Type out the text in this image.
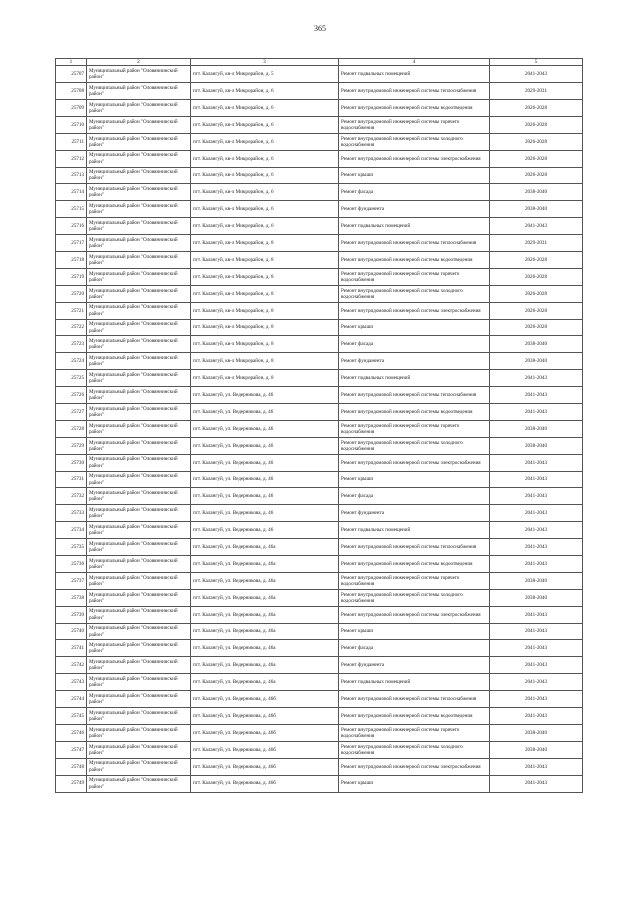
365
1	2	3	4	5
25707	Муниципальный район "Оловяннинский район"	пгт. Калангуй, кв-л Микрорайон, д. 5	Ремонт подвальных помещений	2041-2043
25708	Муниципальный район "Оловяннинский район"	пгт. Калангуй, кв-л Микрорайон, д. 6	Ремонт внутридомовой инженерной системы теплоснабжения	2029-2031
25709	Муниципальный район "Оловяннинский район"	пгт. Калангуй, кв-л Микрорайон, д. 6	Ремонт внутридомовой инженерной системы водоотведения	2026-2028
25710	Муниципальный район "Оловяннинский район"	пгт. Калангуй, кв-л Микрорайон, д. 6	Ремонт внутридомовой инженерной системы горячего водоснабжения	2026-2028
25711	Муниципальный район "Оловяннинский район"	пгт. Калангуй, кв-л Микрорайон, д. 6	Ремонт внутридомовой инженерной системы холодного водоснабжения	2026-2028
25712	Муниципальный район "Оловяннинский район"	пгт. Калангуй, кв-л Микрорайон, д. 6	Ремонт внутридомовой инженерной системы электроснабжения	2026-2028
25713	Муниципальный район "Оловяннинский район"	пгт. Калангуй, кв-л Микрорайон, д. 6	Ремонт крыши	2026-2028
25714	Муниципальный район "Оловяннинский район"	пгт. Калангуй, кв-л Микрорайон, д. 6	Ремонт фасада	2038-2040
25715	Муниципальный район "Оловяннинский район"	пгт. Калангуй, кв-л Микрорайон, д. 6	Ремонт фундамента	2038-2040
25716	Муниципальный район "Оловяннинский район"	пгт. Калангуй, кв-л Микрорайон, д. 6	Ремонт подвальных помещений	2041-2043
25717	Муниципальный район "Оловяннинский район"	пгт. Калангуй, кв-л Микрорайон, д. 8	Ремонт внутридомовой инженерной системы теплоснабжения	2029-2031
25718	Муниципальный район "Оловяннинский район"	пгт. Калангуй, кв-л Микрорайон, д. 8	Ремонт внутридомовой инженерной системы водоотведения	2026-2028
25719	Муниципальный район "Оловяннинский район"	пгт. Калангуй, кв-л Микрорайон, д. 8	Ремонт внутридомовой инженерной системы горячего водоснабжения	2026-2028
25720	Муниципальный район "Оловяннинский район"	пгт. Калангуй, кв-л Микрорайон, д. 8	Ремонт внутридомовой инженерной системы холодного водоснабжения	2026-2028
25721	Муниципальный район "Оловяннинский район"	пгт. Калангуй, кв-л Микрорайон, д. 8	Ремонт внутридомовой инженерной системы электроснабжения	2026-2028
25722	Муниципальный район "Оловяннинский район"	пгт. Калангуй, кв-л Микрорайон, д. 8	Ремонт крыши	2026-2028
25723	Муниципальный район "Оловяннинский район"	пгт. Калангуй, кв-л Микрорайон, д. 8	Ремонт фасада	2038-2040
25724	Муниципальный район "Оловяннинский район"	пгт. Калангуй, кв-л Микрорайон, д. 8	Ремонт фундамента	2038-2040
25725	Муниципальный район "Оловяннинский район"	пгт. Калангуй, кв-л Микрорайон, д. 8	Ремонт подвальных помещений	2041-2043
25726	Муниципальный район "Оловяннинский район"	пгт. Калангуй, ул. Ведерникова, д. 46	Ремонт внутридомовой инженерной системы теплоснабжения	2041-2043
25727	Муниципальный район "Оловяннинский район"	пгт. Калангуй, ул. Ведерникова, д. 46	Ремонт внутридомовой инженерной системы водоотведения	2041-2043
25728	Муниципальный район "Оловяннинский район"	пгт. Калангуй, ул. Ведерникова, д. 46	Ремонт внутридомовой инженерной системы горячего водоснабжения	2038-2040
25729	Муниципальный район "Оловяннинский район"	пгт. Калангуй, ул. Ведерникова, д. 46	Ремонт внутридомовой инженерной системы холодного водоснабжения	2038-2040
25730	Муниципальный район "Оловяннинский район"	пгт. Калангуй, ул. Ведерникова, д. 46	Ремонт внутридомовой инженерной системы электроснабжения	2041-2043
25731	Муниципальный район "Оловяннинский район"	пгт. Калангуй, ул. Ведерникова, д. 46	Ремонт крыши	2041-2043
25732	Муниципальный район "Оловяннинский район"	пгт. Калангуй, ул. Ведерникова, д. 46	Ремонт фасада	2041-2043
25733	Муниципальный район "Оловяннинский район"	пгт. Калангуй, ул. Ведерникова, д. 46	Ремонт фундамента	2041-2043
25734	Муниципальный район "Оловяннинский район"	пгт. Калангуй, ул. Ведерникова, д. 46	Ремонт подвальных помещений	2041-2043
25735	Муниципальный район "Оловяннинский район"	пгт. Калангуй, ул. Ведерникова, д. 46а	Ремонт внутридомовой инженерной системы теплоснабжения	2041-2043
25736	Муниципальный район "Оловяннинский район"	пгт. Калангуй, ул. Ведерникова, д. 46а	Ремонт внутридомовой инженерной системы водоотведения	2041-2043
25737	Муниципальный район "Оловяннинский район"	пгт. Калангуй, ул. Ведерникова, д. 46а	Ремонт внутридомовой инженерной системы горячего водоснабжения	2038-2040
25738	Муниципальный район "Оловяннинский район"	пгт. Калангуй, ул. Ведерникова, д. 46а	Ремонт внутридомовой инженерной системы холодного водоснабжения	2038-2040
25739	Муниципальный район "Оловяннинский район"	пгт. Калангуй, ул. Ведерникова, д. 46а	Ремонт внутридомовой инженерной системы электроснабжения	2041-2043
25740	Муниципальный район "Оловяннинский район"	пгт. Калангуй, ул. Ведерникова, д. 46а	Ремонт крыши	2041-2043
25741	Муниципальный район "Оловяннинский район"	пгт. Калангуй, ул. Ведерникова, д. 46а	Ремонт фасада	2041-2043
25742	Муниципальный район "Оловяннинский район"	пгт. Калангуй, ул. Ведерникова, д. 46а	Ремонт фундамента	2041-2043
25743	Муниципальный район "Оловяннинский район"	пгт. Калангуй, ул. Ведерникова, д. 46а	Ремонт подвальных помещений	2041-2043
25744	Муниципальный район "Оловяннинский район"	пгт. Калангуй, ул. Ведерникова, д. 46б	Ремонт внутридомовой инженерной системы теплоснабжения	2041-2043
25745	Муниципальный район "Оловяннинский район"	пгт. Калангуй, ул. Ведерникова, д. 46б	Ремонт внутридомовой инженерной системы водоотведения	2041-2043
25746	Муниципальный район "Оловяннинский район"	пгт. Калангуй, ул. Ведерникова, д. 46б	Ремонт внутридомовой инженерной системы горячего водоснабжения	2038-2040
25747	Муниципальный район "Оловяннинский район"	пгт. Калангуй, ул. Ведерникова, д. 46б	Ремонт внутридомовой инженерной системы холодного водоснабжения	2038-2040
25748	Муниципальный район "Оловяннинский район"	пгт. Калангуй, ул. Ведерникова, д. 46б	Ремонт внутридомовой инженерной системы электроснабжения	2041-2043
25749	Муниципальный район "Оловяннинский район"	пгт. Калангуй, ул. Ведерникова, д. 46б	Ремонт крыши	2041-2043
